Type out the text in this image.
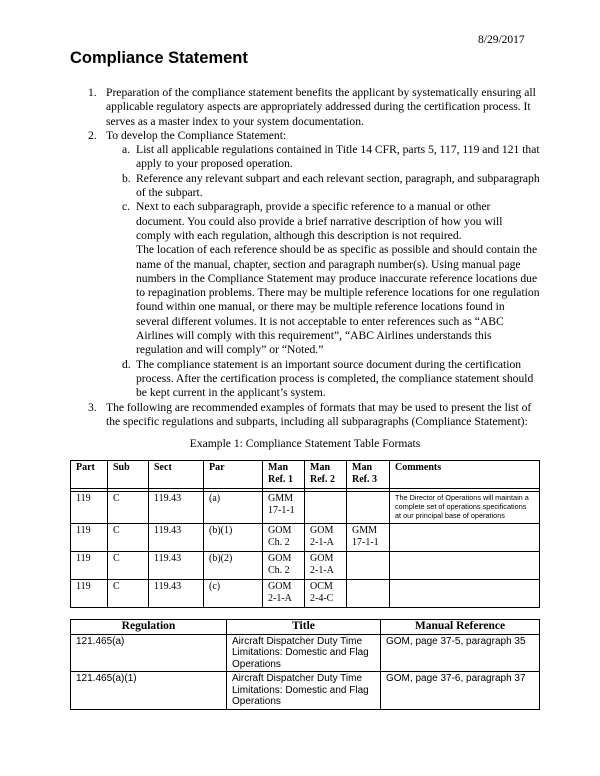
8/29/2017
Compliance Statement
1. Preparation of the compliance statement benefits the applicant by systematically ensuring all applicable regulatory aspects are appropriately addressed during the certification process. It serves as a master index to your system documentation.
2. To develop the Compliance Statement:
a. List all applicable regulations contained in Title 14 CFR, parts 5, 117, 119 and 121 that apply to your proposed operation.
b. Reference any relevant subpart and each relevant section, paragraph, and subparagraph of the subpart.
c. Next to each subparagraph, provide a specific reference to a manual or other document. You could also provide a brief narrative description of how you will comply with each regulation, although this description is not required.
The location of each reference should be as specific as possible and should contain the name of the manual, chapter, section and paragraph number(s). Using manual page numbers in the Compliance Statement may produce inaccurate reference locations due to repagination problems. There may be multiple reference locations for one regulation found within one manual, or there may be multiple reference locations found in several different volumes. It is not acceptable to enter references such as “ABC Airlines will comply with this requirement”, “ABC Airlines understands this regulation and will comply” or “Noted.”
d. The compliance statement is an important source document during the certification process. After the certification process is completed, the compliance statement should be kept current in the applicant’s system.
3. The following are recommended examples of formats that may be used to present the list of the specific regulations and subparts, including all subparagraphs (Compliance Statement):
Example 1: Compliance Statement Table Formats
Part	Sub	Sect	Par	Man Ref. 1	Man Ref. 2	Man Ref. 3	Comments

119	C	119.43	(a)	GMM 17-1-1			The Director of Operations will maintain a complete set of operations specifications at our principal base of operations
119	C	119.43	(b)(1)	GOM Ch. 2	GOM 2-1-A	GMM 17-1-1	
119	C	119.43	(b)(2)	GOM Ch. 2	GOM 2-1-A		
119	C	119.43	(c)	GOM 2-1-A	OCM 2-4-C		
Regulation	Title	Manual Reference
121.465(a)	Aircraft Dispatcher Duty Time Limitations: Domestic and Flag Operations	GOM, page 37-5, paragraph 35
121.465(a)(1)	Aircraft Dispatcher Duty Time Limitations: Domestic and Flag Operations	GOM, page 37-6, paragraph 37
